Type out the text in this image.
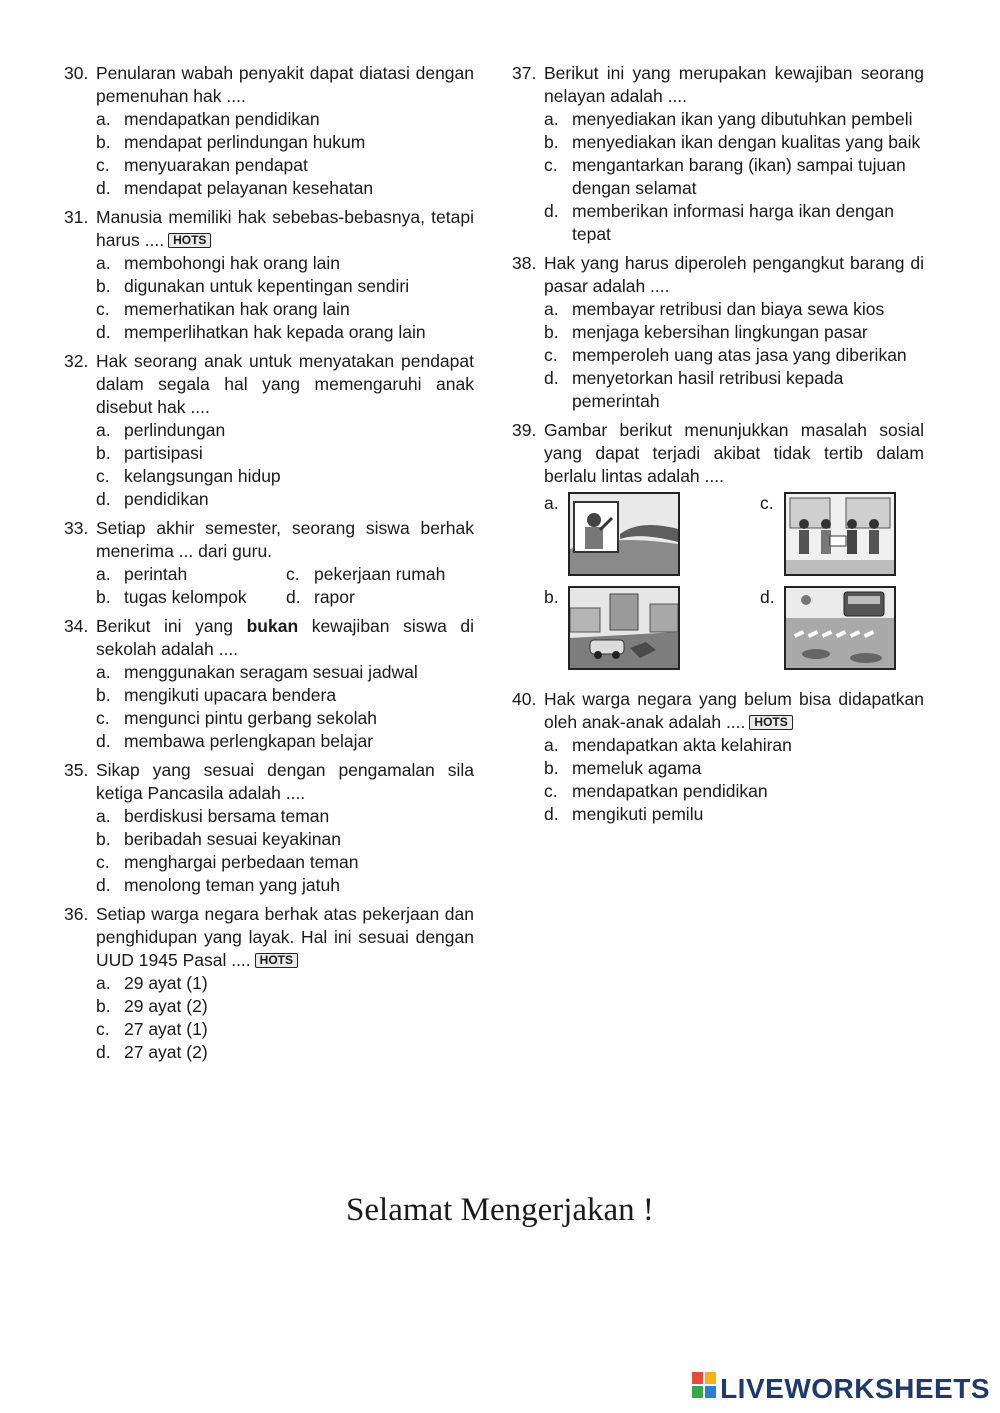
30. Penularan wabah penyakit dapat diatasi dengan pemenuhan hak ....
a. mendapatkan pendidikan
b. mendapat perlindungan hukum
c. menyuarakan pendapat
d. mendapat pelayanan kesehatan
31. Manusia memiliki hak sebebas-bebasnya, tetapi harus .... HOTS
a. membohongi hak orang lain
b. digunakan untuk kepentingan sendiri
c. memerhatikan hak orang lain
d. memperlihatkan hak kepada orang lain
32. Hak seorang anak untuk menyatakan pendapat dalam segala hal yang memengaruhi anak disebut hak ....
a. perlindungan
b. partisipasi
c. kelangsungan hidup
d. pendidikan
33. Setiap akhir semester, seorang siswa berhak menerima ... dari guru.
a. perintah	c. pekerjaan rumah
b. tugas kelompok	d. rapor
34. Berikut ini yang bukan kewajiban siswa di sekolah adalah ....
a. menggunakan seragam sesuai jadwal
b. mengikuti upacara bendera
c. mengunci pintu gerbang sekolah
d. membawa perlengkapan belajar
35. Sikap yang sesuai dengan pengamalan sila ketiga Pancasila adalah ....
a. berdiskusi bersama teman
b. beribadah sesuai keyakinan
c. menghargai perbedaan teman
d. menolong teman yang jatuh
36. Setiap warga negara berhak atas pekerjaan dan penghidupan yang layak. Hal ini sesuai dengan UUD 1945 Pasal .... HOTS
a. 29 ayat (1)
b. 29 ayat (2)
c. 27 ayat (1)
d. 27 ayat (2)
37. Berikut ini yang merupakan kewajiban seorang nelayan adalah ....
a. menyediakan ikan yang dibutuhkan pembeli
b. menyediakan ikan dengan kualitas yang baik
c. mengantarkan barang (ikan) sampai tujuan dengan selamat
d. memberikan informasi harga ikan dengan tepat
38. Hak yang harus diperoleh pengangkut barang di pasar adalah ....
a. membayar retribusi dan biaya sewa kios
b. menjaga kebersihan lingkungan pasar
c. memperoleh uang atas jasa yang diberikan
d. menyetorkan hasil retribusi kepada pemerintah
39. Gambar berikut menunjukkan masalah sosial yang dapat terjadi akibat tidak tertib dalam berlalu lintas adalah ....
a.	c.
b.	d.
40. Hak warga negara yang belum bisa didapatkan oleh anak-anak adalah .... HOTS
a. mendapatkan akta kelahiran
b. memeluk agama
c. mendapatkan pendidikan
d. mengikuti pemilu
Selamat Mengerjakan !
LIVEWORKSHEETS
